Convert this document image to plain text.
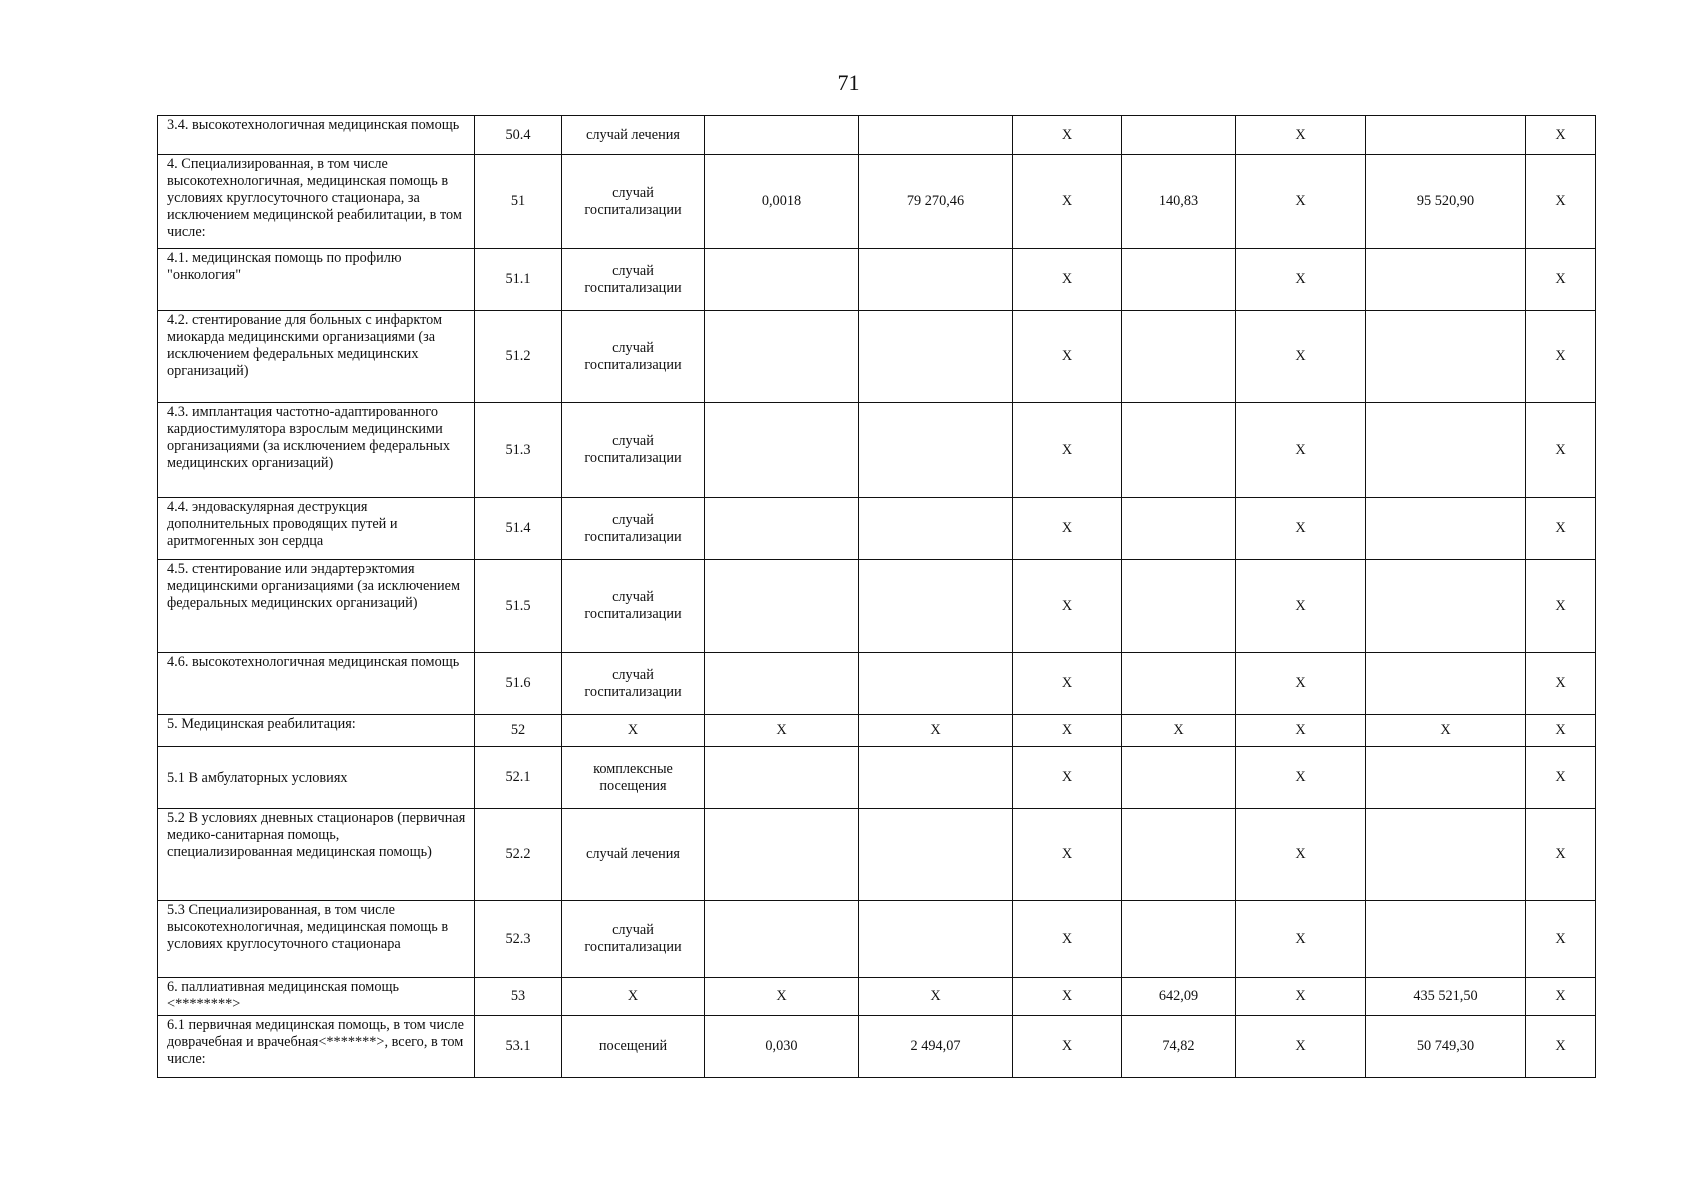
71
3.4. высокотехнологичная медицинская помощь	50.4	случай лечения			X		X		X
4. Специализированная, в том числе высокотехнологичная, медицинская помощь в условиях круглосуточного стационара, за исключением медицинской реабилитации, в том числе:	51	случай госпитализации	0,0018	79 270,46	X	140,83	X	95 520,90	X
4.1. медицинская помощь по профилю "онкология"	51.1	случай госпитализации			X		X		X
4.2. стентирование для больных с инфарктом миокарда медицинскими организациями (за исключением федеральных медицинских организаций)	51.2	случай госпитализации			X		X		X
4.3. имплантация частотно-адаптированного кардиостимулятора взрослым медицинскими организациями (за исключением федеральных медицинских организаций)	51.3	случай госпитализации			X		X		X
4.4. эндоваскулярная деструкция дополнительных проводящих путей и аритмогенных зон сердца	51.4	случай госпитализации			X		X		X
4.5. стентирование или эндартерэктомия медицинскими организациями (за исключением федеральных медицинских организаций)	51.5	случай госпитализации			X		X		X
4.6. высокотехнологичная медицинская помощь	51.6	случай госпитализации			X		X		X
5. Медицинская реабилитация:	52	X	X	X	X	X	X	X	X
5.1 В амбулаторных условиях	52.1	комплексные посещения			X		X		X
5.2 В условиях дневных стационаров (первичная медико-санитарная помощь, специализированная медицинская помощь)	52.2	случай лечения			X		X		X
5.3 Специализированная, в том числе высокотехнологичная, медицинская помощь в условиях круглосуточного стационара	52.3	случай госпитализации			X		X		X
6. паллиативная медицинская помощь <********>	53	X	X	X	X	642,09	X	435 521,50	X
6.1 первичная медицинская помощь, в том числе доврачебная и врачебная<*******>, всего, в том числе:	53.1	посещений	0,030	2 494,07	X	74,82	X	50 749,30	X
